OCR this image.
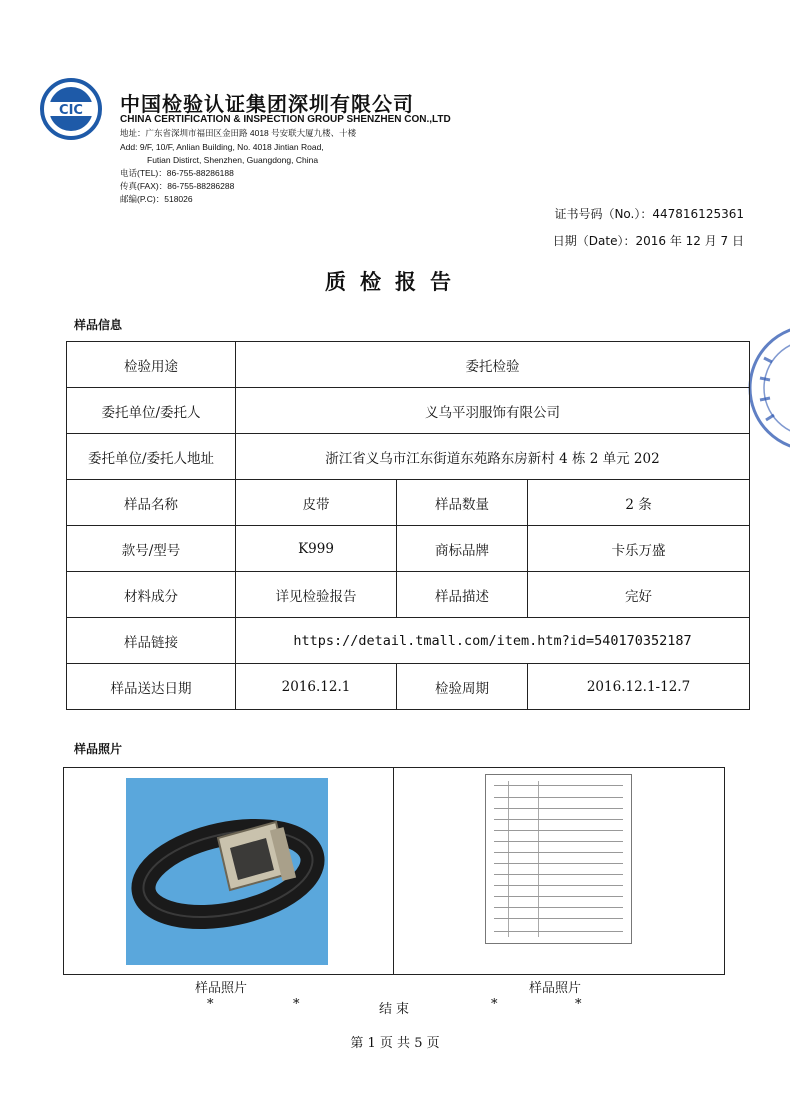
CIC 中国检验认证集团深圳有限公司
CHINA CERTIFICATION & INSPECTION GROUP SHENZHEN CON.,LTD
地址：广东省深圳市福田区金田路 4018 号安联大厦九楼、十楼
Add: 9/F, 10/F, Anlian Building, No. 4018 Jintian Road,
Futian Distirct, Shenzhen, Guangdong, China
电话(TEL)：86-755-88286188
传真(FAX)：86-755-88286288
邮编(P.C)：518026
证书号码（No.）：447816125361
日期（Date）：2016 年 12 月 7 日
质检报告
样品信息
检验用途	委托检验		
委托单位/委托人	义乌平羽服饰有限公司		
委托单位/委托人地址	浙江省义乌市江东街道东苑路东房新村 4 栋 2 单元 202		
样品名称	皮带	样品数量	2 条
款号/型号	K999	商标品牌	卡乐万盛
材料成分	详见检验报告	样品描述	完好
样品链接	https://detail.tmall.com/item.htm?id=540170352187		
样品送达日期	2016.12.1	检验周期	2016.12.1-12.7
样品照片
样品照片	样品照片
*	*	结束	*	*
第 1 页 共 5 页
